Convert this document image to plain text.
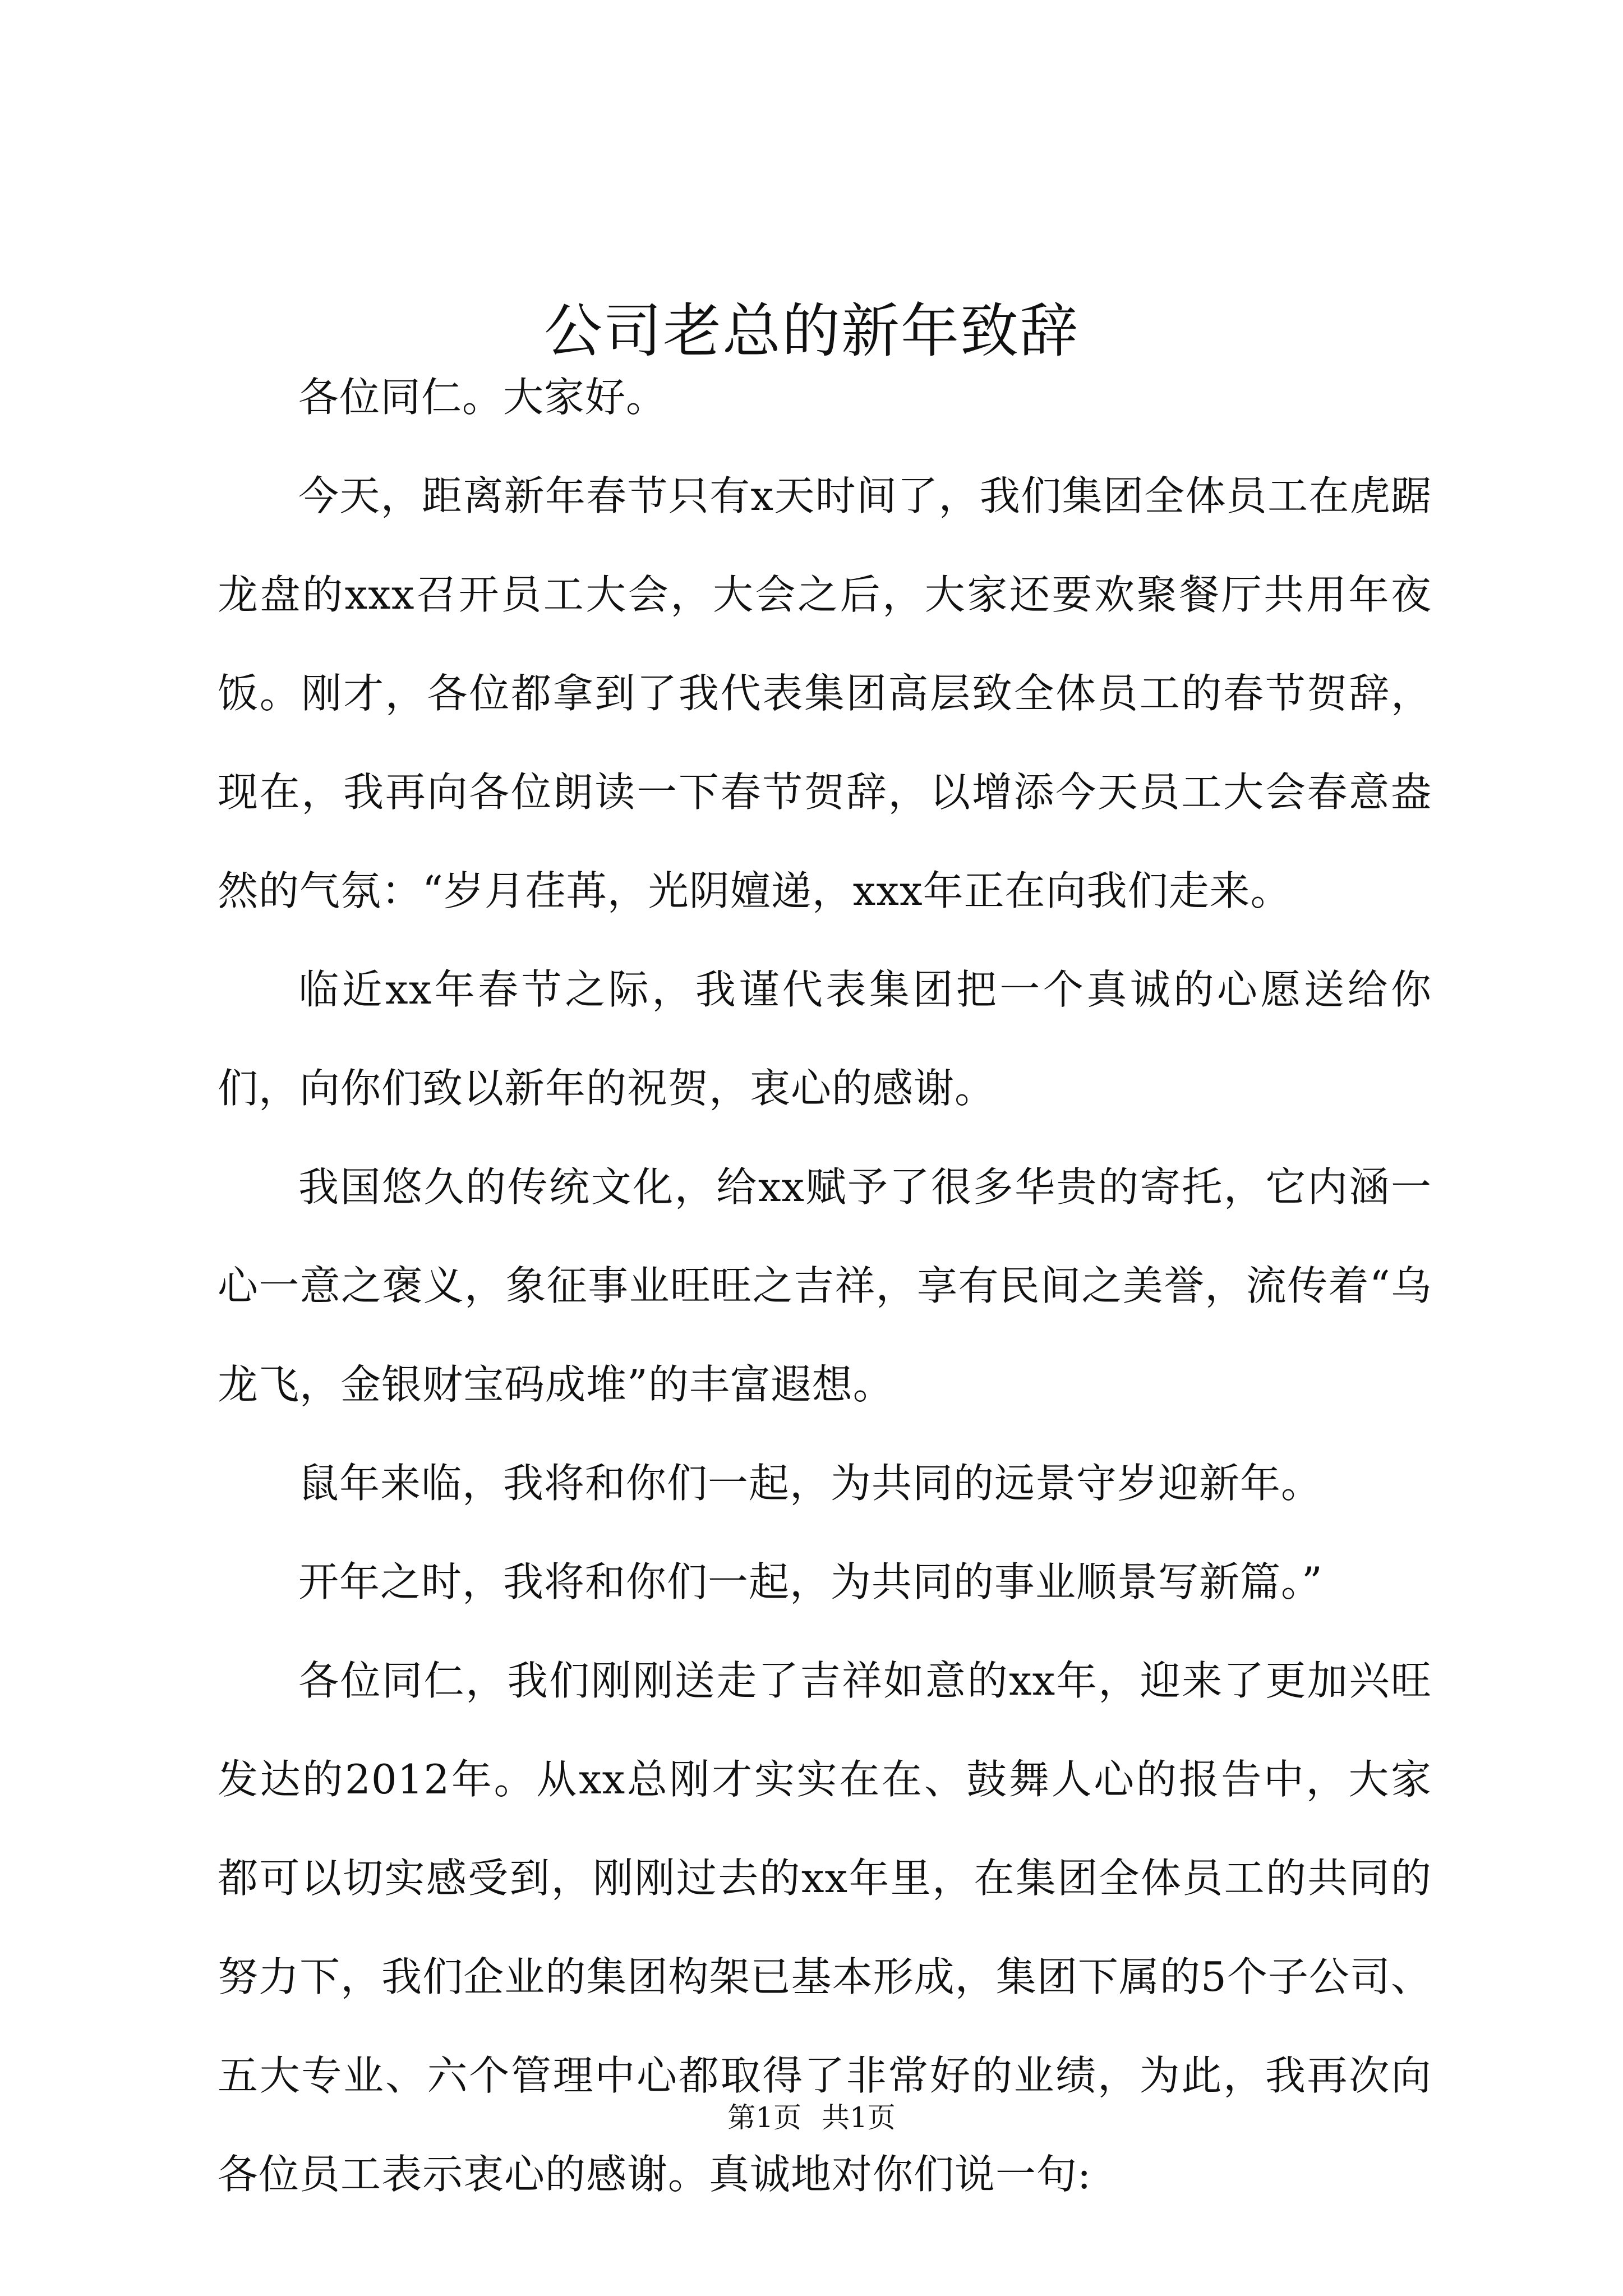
公司老总的新年致辞

各位同仁。大家好。

今天，距离新年春节只有x天时间了，我们集团全体员工在虎踞龙盘的xxx召开员工大会，大会之后，大家还要欢聚餐厅共用年夜饭。刚才，各位都拿到了我代表集团高层致全体员工的春节贺辞，现在，我再向各位朗读一下春节贺辞，以增添今天员工大会春意盎然的气氛：“岁月荏苒，光阴嬗递，xxx年正在向我们走来。

临近xx年春节之际，我谨代表集团把一个真诚的心愿送给你们，向你们致以新年的祝贺，衷心的感谢。

我国悠久的传统文化，给xx赋予了很多华贵的寄托，它内涵一心一意之褒义，象征事业旺旺之吉祥，享有民间之美誉，流传着“乌龙飞，金银财宝码成堆”的丰富遐想。

鼠年来临，我将和你们一起，为共同的远景守岁迎新年。

开年之时，我将和你们一起，为共同的事业顺景写新篇。”

各位同仁，我们刚刚送走了吉祥如意的xx年，迎来了更加兴旺发达的2012年。从xx总刚才实实在在、鼓舞人心的报告中，大家都可以切实感受到，刚刚过去的xx年里，在集团全体员工的共同的努力下，我们企业的集团构架已基本形成，集团下属的5个子公司、五大专业、六个管理中心都取得了非常好的业绩，为此，我再次向各位员工表示衷心的感谢。真诚地对你们说一句:

第1页 共1页
